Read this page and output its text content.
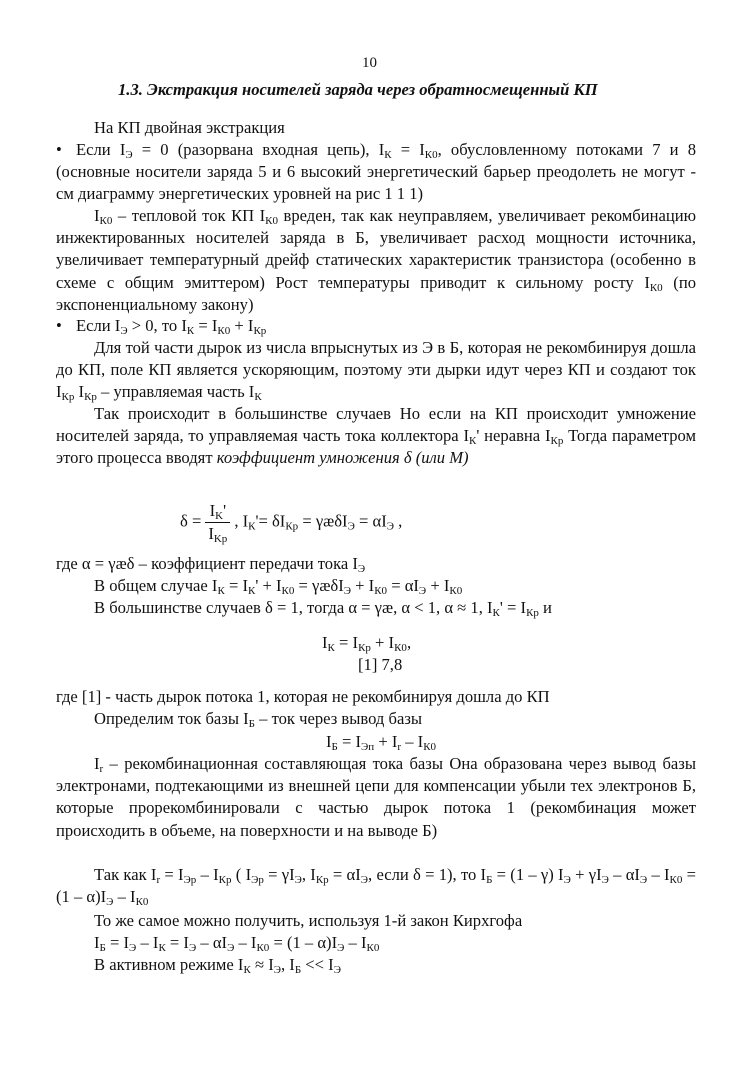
10
1.3. Экстракция носителей заряда через обратносмещенный КП
На КП двойная экстракция
• Если $I_Э = 0$ (разорвана входная цепь), $I_К = I_{К0}$, обусловленному потоками 7 и 8 (основные носители заряда 5 и 6 высокий энергетический барьер преодолеть не могут - см диаграмму энергетических уровней на рис 1 1 1)
$I_{К0}$ – тепловой ток КП $I_{К0}$ вреден, так как неуправляем, увеличивает рекомбинацию инжектированных носителей заряда в Б, увеличивает расход мощности источника, увеличивает температурный дрейф статических характеристик транзистора (особенно в схеме с общим эмиттером) Рост температуры приводит к сильному росту $I_{К0}$ (по экспоненциальному закону)
• Если $I_Э > 0$, то $I_К = I_{К0} + I_{Кр}$
Для той части дырок из числа впрыснутых из Э в Б, которая не рекомбинируя дошла до КП, поле КП является ускоряющим, поэтому эти дырки идут через КП и создают ток $I_{Кр}$ $I_{Кр}$ – управляемая часть $I_К$
Так происходит в большинстве случаев Но если на КП происходит умножение носителей заряда, то управляемая часть тока коллектора $I_К'$ неравна $I_{Кр}$ Тогда параметром этого процесса вводят коэффициент умножения δ (или M)
$\delta = \frac{I_K'}{I_{Kp}}$ , $I_К'= \delta I_{Кр}$ = γæδI$_Э$ = $\alpha I_Э$ ,
где α = γæδ – коэффициент передачи тока $I_Э$
В общем случае $I_К = I_К' + I_{К0}$ = γæδI$_Э$ + $I_{К0} = \alpha I_Э + I_{К0}$
В большинстве случаев δ = 1, тогда α = γæ, α < 1, α ≈ 1, $I_К' = I_{Кр}$ и
$I_К = I_{Кр} + I_{К0}$,
[1] 7,8
где [1] - часть дырок потока 1, которая не рекомбинируя дошла до КП
Определим ток базы $I_Б$ – ток через вывод базы
$I_Б = I_{Эп} + I_r - I_{К0}$
$I_r$ – рекомбинационная составляющая тока базы Она образована через вывод базы электронами, подтекающими из внешней цепи для компенсации убыли тех электронов Б, которые прорекомбинировали с частью дырок потока 1 (рекомбинация может происходить в объеме, на поверхности и на выводе Б)
Так как $I_r = I_{Эр} - I_{Кр}$ ( $I_{Эр} = \gamma I_Э$, $I_{Кр} = \alpha I_Э$, если δ = 1), то $I_Б = (1 - \gamma) I_Э + \gamma I_Э - \alpha I_Э - I_{К0} = (1 - \alpha)I_Э - I_{К0}$
То же самое можно получить, используя 1-й закон Кирхгофа
$I_Б = I_Э - I_К = I_Э - \alpha I_Э - I_{К0} = (1 - \alpha)I_Э - I_{К0}$
В активном режиме $I_К \approx I_Э$, $I_Б << I_Э$
